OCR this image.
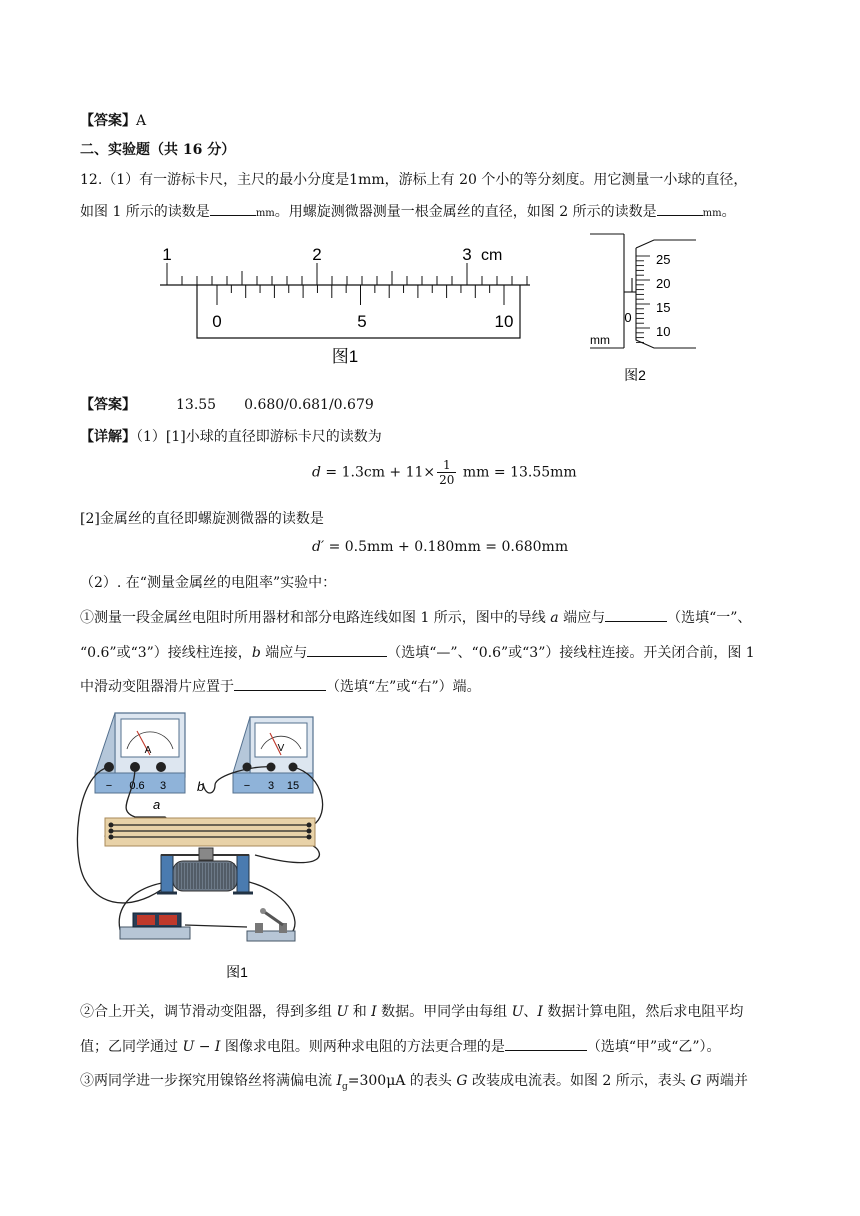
【答案】A
二、实验题（共 16 分）
12.（1）有一游标卡尺，主尺的最小分度是1mm，游标上有 20 个小的等分刻度。用它测量一小球的直径，
如图 1 所示的读数是	mm。用螺旋测微器测量一根金属丝的直径，如图 2 所示的读数是	mm。
1	2	3 cm
0	5	10
图1
25
20
15
10
0
mm
图2
【答案】	13.55 0.680/0.681/0.679
【详解】（1）[1]小球的直径即游标卡尺的读数为
$d = 1.3cm + 11\times \frac{1}{20}$ mm = 13.55mm
[2]金属丝的直径即螺旋测微器的读数是
d′ = 0.5mm + 0.180mm = 0.680mm
（2）. 在“测量金属丝的电阻率”实验中：
①测量一段金属丝电阻时所用器材和部分电路连线如图 1 所示，图中的导线 a 端应与	（选填“一”、
“0.6”或“3”）接线柱连接，b 端应与	（选填“—”、“0.6”或“3”）接线柱连接。开关闭合前，图 1
中滑动变阻器滑片应置于	（选填“左”或“右”）端。
A
− 0.6 3
V
− 3 15
b
a
图1
②合上开关，调节滑动变阻器，得到多组 U 和 I 数据。甲同学由每组 U、I 数据计算电阻，然后求电阻平均
值；乙同学通过 U − I 图像求电阻。则两种求电阻的方法更合理的是	（选填“甲”或“乙”）。
③两同学进一步探究用镍铬丝将满偏电流 $I_g=300\mu A$ 的表头 G 改装成电流表。如图 2 所示，表头 G 两端并
